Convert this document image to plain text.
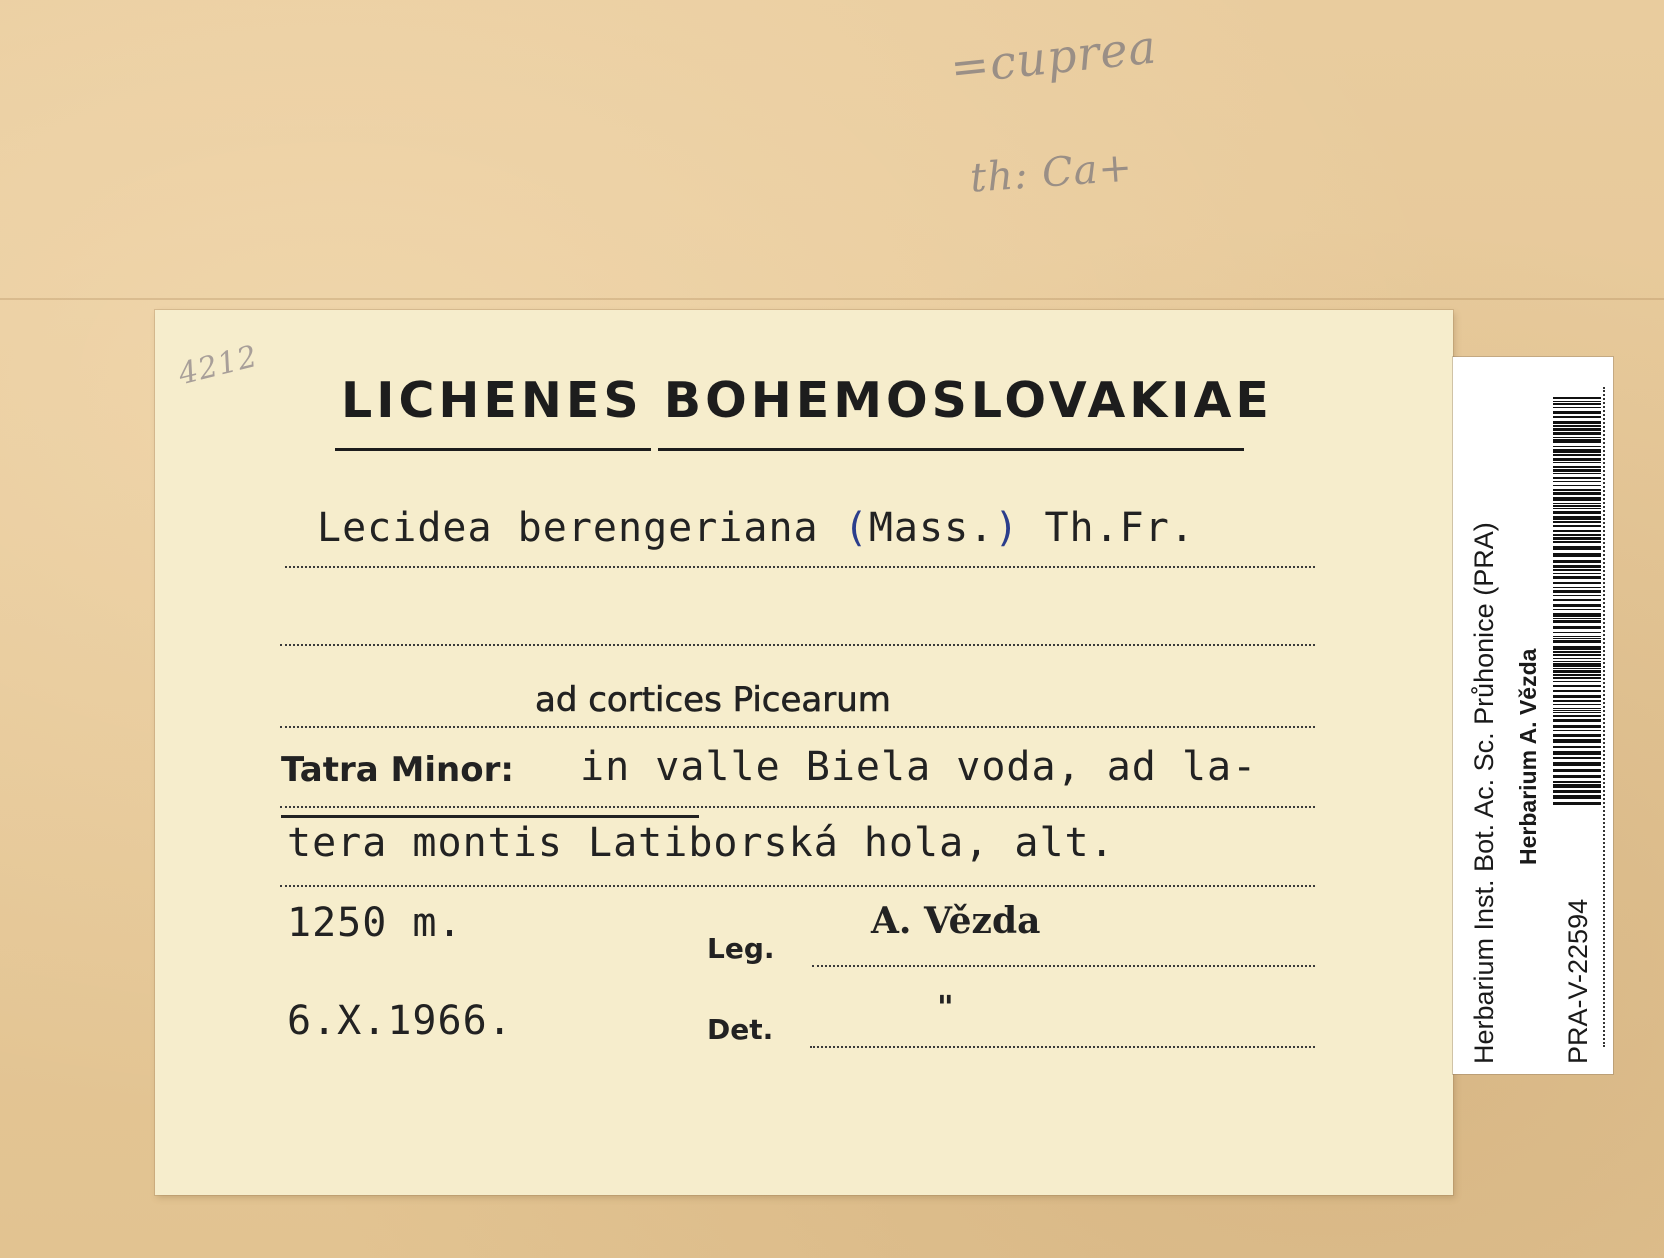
=cuprea
th: Ca+
4212
LICHENES BOHEMOSLOVAKIAE
Lecidea berengeriana (Mass.) Th.Fr.
ad cortices Picearum
Tatra Minor: in valle Biela voda, ad la-
tera montis Latiborská hola, alt.
1250 m.
Leg.
A. Vězda
6.X.1966.	Det.
"	Herbarium Inst. Bot. Ac. Sc. Průhonice (PRA) Herbarium A. Vězda
PRA-V-22594
